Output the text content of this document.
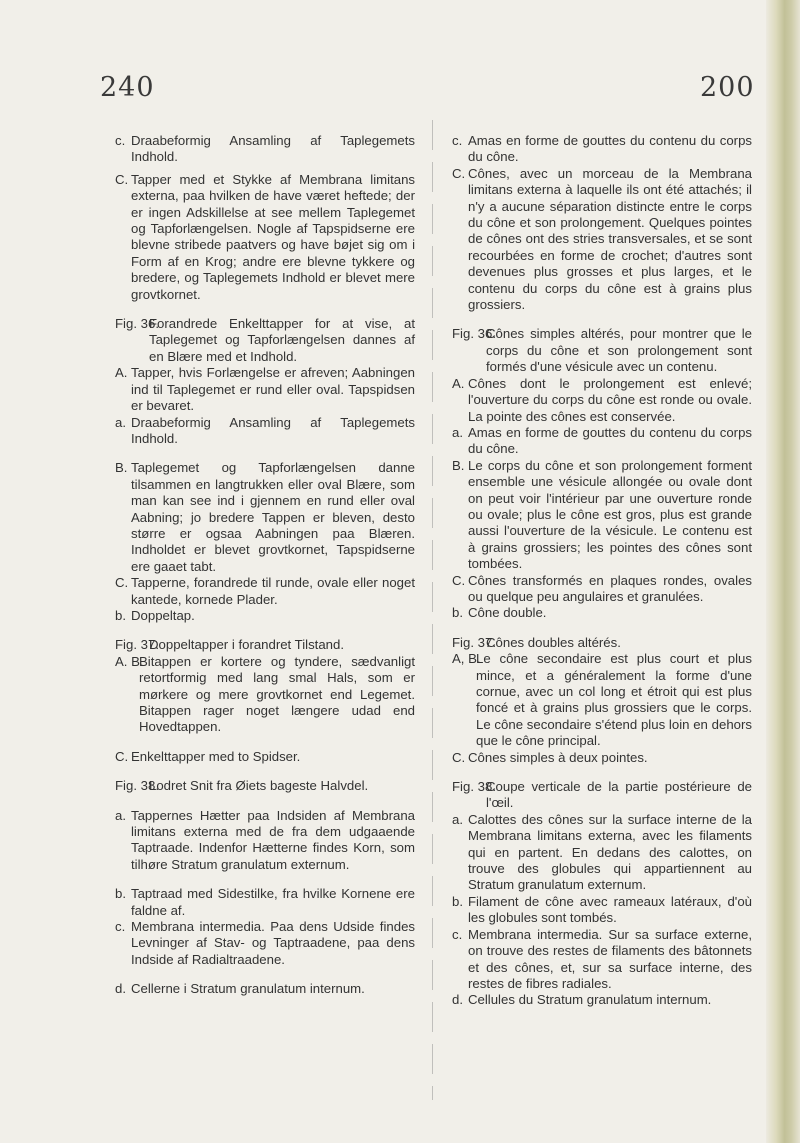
240	200
c. Draabeformig Ansamling af Taplegemets Indhold.
C. Tapper med et Stykke af Membrana limitans externa, paa hvilken de have været heftede; der er ingen Adskillelse at see mellem Taplegemet og Tapforlængelsen. Nogle af Tapspidserne ere blevne stribede paatvers og have bøjet sig om i Form af en Krog; andre ere blevne tykkere og bredere, og Taplegemets Indhold er blevet mere grovtkornet.
Fig. 36.
Forandrede Enkelttapper for at vise, at Taplegemet og Tapforlængelsen dannes af en Blære med et Indhold.
A. Tapper, hvis Forlængelse er afreven; Aabningen ind til Taplegemet er rund eller oval. Tapspidsen er bevaret.
a. Draabeformig Ansamling af Taplegemets Indhold.
B. Taplegemet og Tapforlængelsen danne tilsammen en langtrukken eller oval Blære, som man kan see ind i gjennem en rund eller oval Aabning; jo bredere Tappen er bleven, desto større er ogsaa Aabningen paa Blæren. Indholdet er blevet grovtkornet, Tapspidserne ere gaaet tabt.
C. Tapperne, forandrede til runde, ovale eller noget kantede, kornede Plader.
b. Doppeltap.
Fig. 37.
Doppeltapper i forandret Tilstand.
A. B.
Bitappen er kortere og tyndere, sædvanligt retortformig med lang smal Hals, som er mørkere og mere grovtkornet end Legemet. Bitappen rager noget længere udad end Hovedtappen.
C. Enkelttapper med to Spidser.
Fig. 38.
Lodret Snit fra Øiets bageste Halvdel.
a. Tappernes Hætter paa Indsiden af Membrana limitans externa med de fra dem udgaaende Taptraade. Indenfor Hætterne findes Korn, som tilhøre Stratum granulatum externum.
b. Taptraad med Sidestilke, fra hvilke Kornene ere faldne af.
c. Membrana intermedia. Paa dens Udside findes Levninger af Stav- og Taptraadene, paa dens Indside af Radialtraadene.
d. Cellerne i Stratum granulatum internum.
c. Amas en forme de gouttes du contenu du corps du cône.
C. Cônes, avec un morceau de la Membrana limitans externa à laquelle ils ont été attachés; il n'y a aucune séparation distincte entre le corps du cône et son prolongement. Quelques pointes de cônes ont des stries transversales, et se sont recourbées en forme de crochet; d'autres sont devenues plus grosses et plus larges, et le contenu du corps du cône est à grains plus grossiers.
Fig. 36.
Cônes simples altérés, pour montrer que le corps du cône et son prolongement sont formés d'une vésicule avec un contenu.
A. Cônes dont le prolongement est enlevé; l'ouverture du corps du cône est ronde ou ovale. La pointe des cônes est conservée.
a. Amas en forme de gouttes du contenu du corps du cône.
B. Le corps du cône et son prolongement forment ensemble une vésicule allongée ou ovale dont on peut voir l'intérieur par une ouverture ronde ou ovale; plus le cône est gros, plus est grande aussi l'ouverture de la vésicule. Le contenu est à grains grossiers; les pointes des cônes sont tombées.
C. Cônes transformés en plaques rondes, ovales ou quelque peu angulaires et granulées.
b. Cône double.
Fig. 37.
Cônes doubles altérés.
A, B.
Le cône secondaire est plus court et plus mince, et a généralement la forme d'une cornue, avec un col long et étroit qui est plus foncé et à grains plus grossiers que le corps. Le cône secondaire s'étend plus loin en dehors que le cône principal.
C. Cônes simples à deux pointes.
Fig. 38.
Coupe verticale de la partie postérieure de l'œil.
a. Calottes des cônes sur la surface interne de la Membrana limitans externa, avec les filaments qui en partent. En dedans des calottes, on trouve des globules qui appartiennent au Stratum granulatum externum.
b. Filament de cône avec rameaux latéraux, d'où les globules sont tombés.
c. Membrana intermedia. Sur sa surface externe, on trouve des restes de filaments des bâtonnets et des cônes, et, sur sa surface interne, des restes de fibres radiales.
d. Cellules du Stratum granulatum internum.
